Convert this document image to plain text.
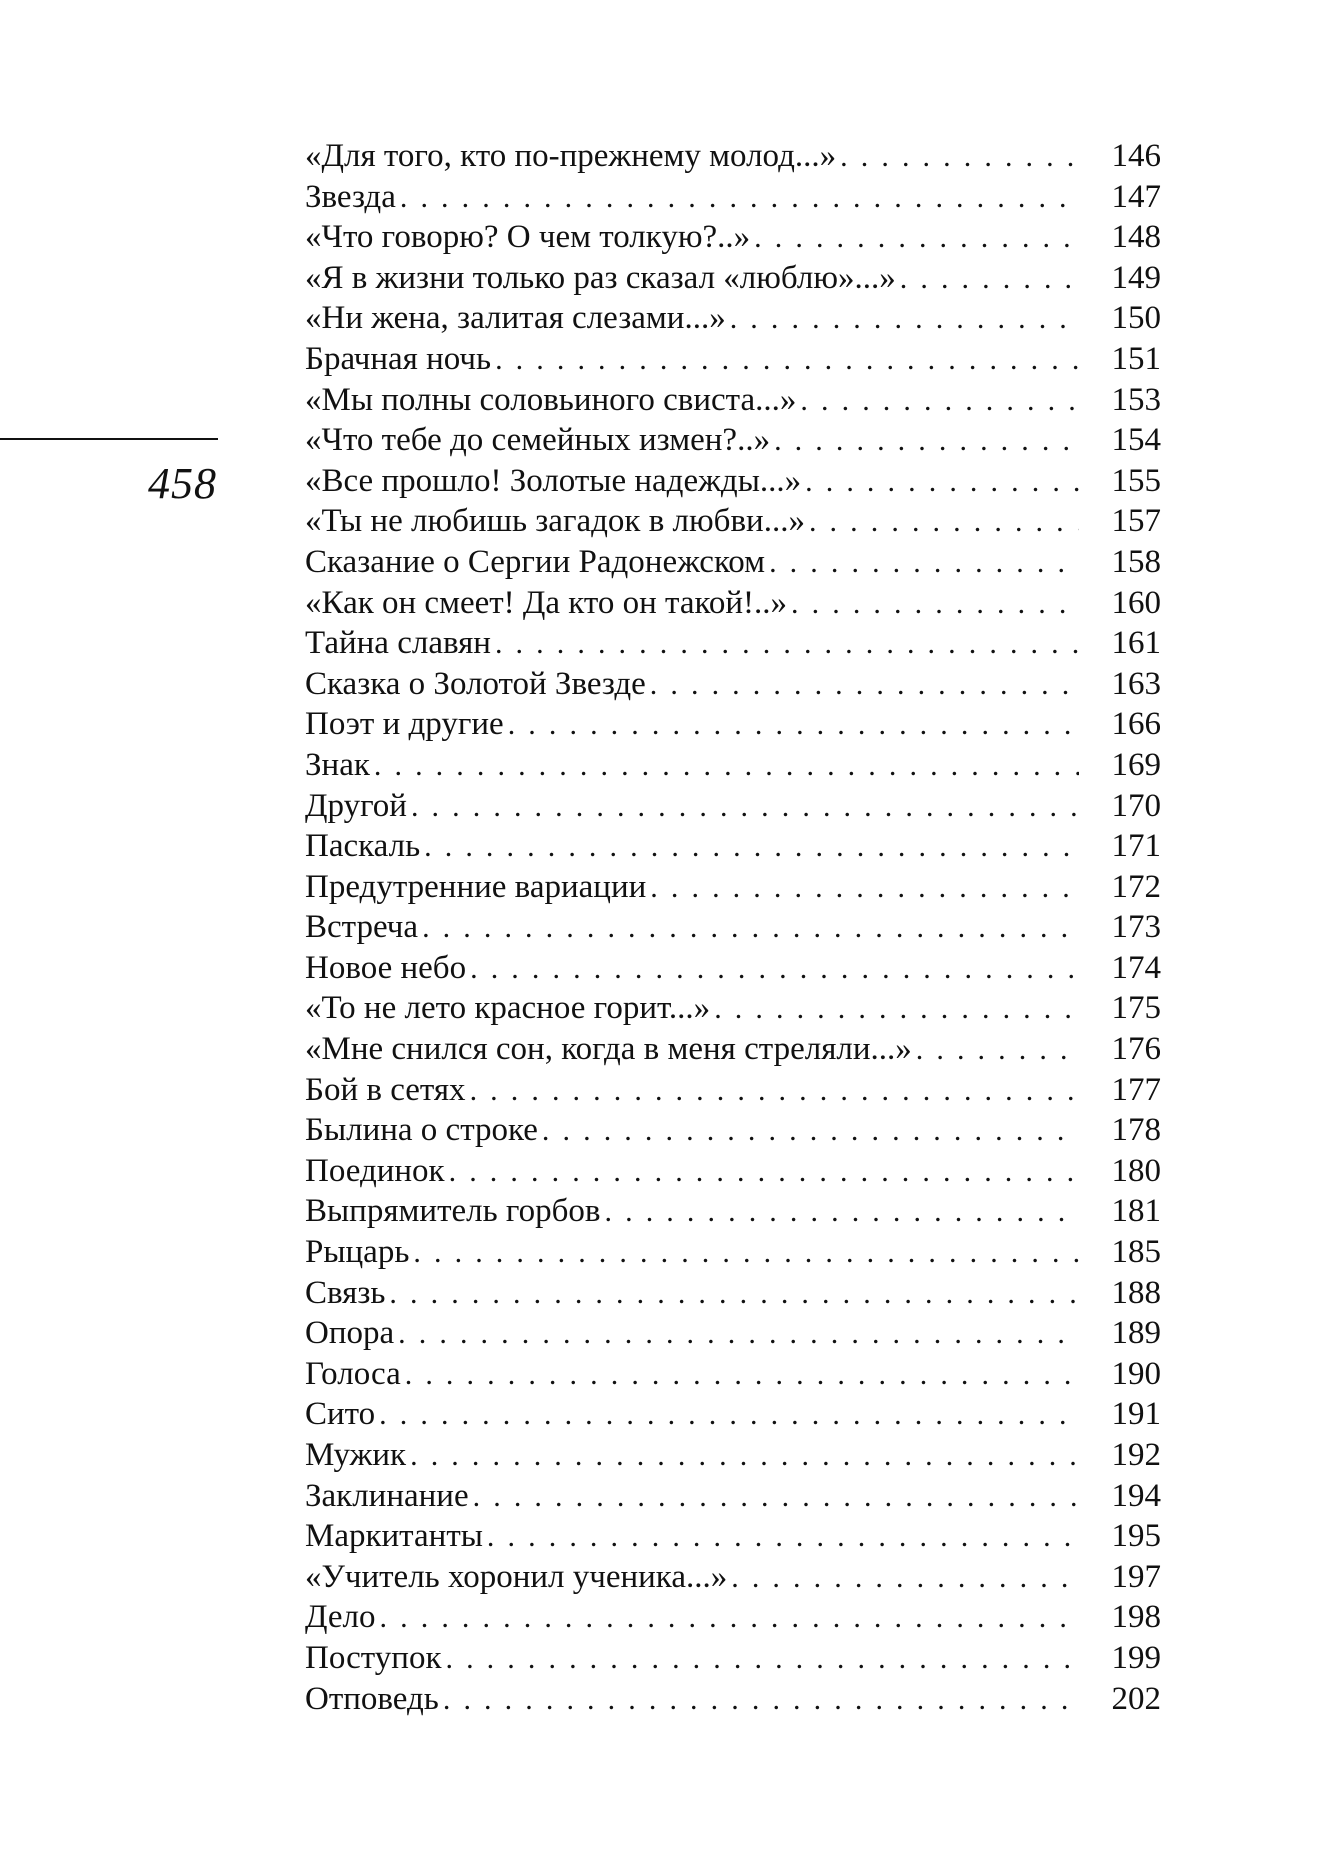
458
«Для того, кто по-прежнему молод...» . . .	146
Звезда . . .	147
«Что говорю? О чем толкую?..» . . .	148
«Я в жизни только раз сказал «люблю»...» . . .	149
«Ни жена, залитая слезами...» . . .	150
Брачная ночь . . .	151
«Мы полны соловьиного свиста...» . . .	153
«Что тебе до семейных измен?..» . . .	154
«Все прошло! Золотые надежды...» . . .	155
«Ты не любишь загадок в любви...» . . .	157
Сказание о Сергии Радонежском . . .	158
«Как он смеет! Да кто он такой!..» . . .	160
Тайна славян . . .	161
Сказка о Золотой Звезде . . .	163
Поэт и другие . . .	166
Знак . . .	169
Другой . . .	170
Паскаль . . .	171
Предутренние вариации . . .	172
Встреча . . .	173
Новое небо . . .	174
«То не лето красное горит...» . . .	175
«Мне снился сон, когда в меня стреляли...» . . .	176
Бой в сетях . . .	177
Былина о строке . . .	178
Поединок . . .	180
Выпрямитель горбов . . .	181
Рыцарь . . .	185
Связь . . .	188
Опора . . .	189
Голоса . . .	190
Сито . . .	191
Мужик . . .	192
Заклинание . . .	194
Маркитанты . . .	195
«Учитель хоронил ученика...» . . .	197
Дело . . .	198
Поступок . . .	199
Отповедь . . .	202
